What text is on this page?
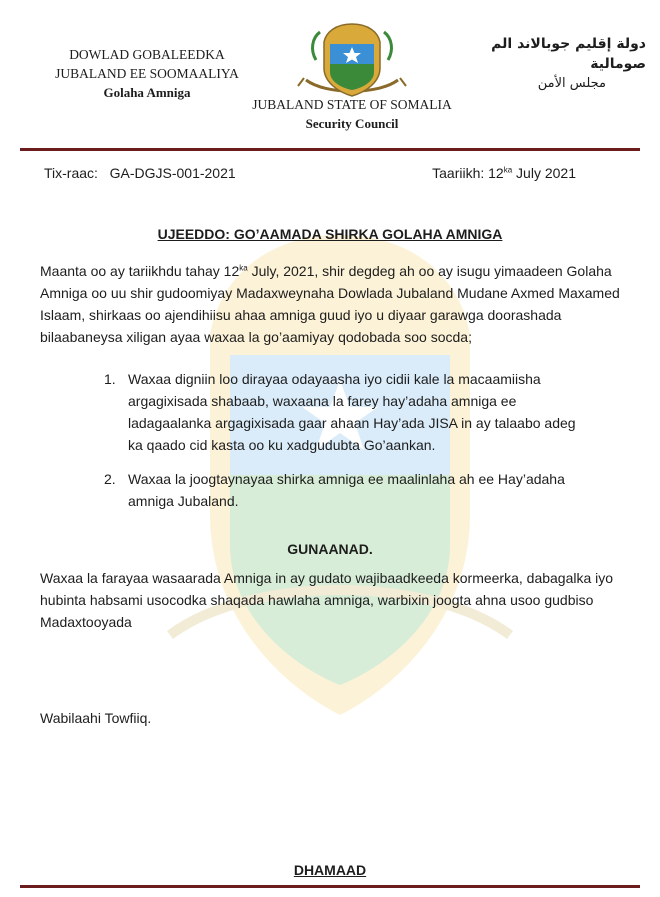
DOWLAD GOBALEEDKA
JUBALAND EE SOOMAALIYA
Golaha Amniga
JUBALAND STATE OF SOMALIA
Security Council
دولة إقليم جوبالاند الم صومالية
مجلس الأمن
Tix-raac: GA-DGJS-001-2021	Taariikh: $12^{ka}$ July 2021
UJEEDDO: GO’AAMADA SHIRKA GOLAHA AMNIGA
Maanta oo ay tariikhdu tahay $12^{ka}$ July, 2021, shir degdeg ah oo ay isugu yimaadeen Golaha Amniga oo uu shir gudoomiyay Madaxweynaha Dowlada Jubaland Mudane Axmed Maxamed Islaam, shirkaas oo ajendihiisu ahaa amniga guud iyo u diyaar garawga doorashada bilaabaneysa xiligan ayaa waxaa la go’aamiyay qodobada soo socda;
1. Waxaa digniin loo dirayaa odayaasha iyo cidii kale la macaamiisha argagixisada shabaab, waxaana la farey hay’adaha amniga ee ladagaalanka argagixisada gaar ahaan Hay’ada JISA in ay talaabo adeg ka qaado cid kasta oo ku xadgudubta Go’aankan.
2. Waxaa la joogtaynayaa shirka amniga ee maalinlaha ah ee Hay’adaha amniga Jubaland.
GUNAANAD.
Waxaa la farayaa wasaarada Amniga in ay gudato wajibaadkeeda kormeerka, dabagalka iyo hubinta habsami usocodka shaqada hawlaha amniga, warbixin joogta ahna usoo gudbiso Madaxtooyada
Wabilaahi Towfiiq.
DHAMAAD
